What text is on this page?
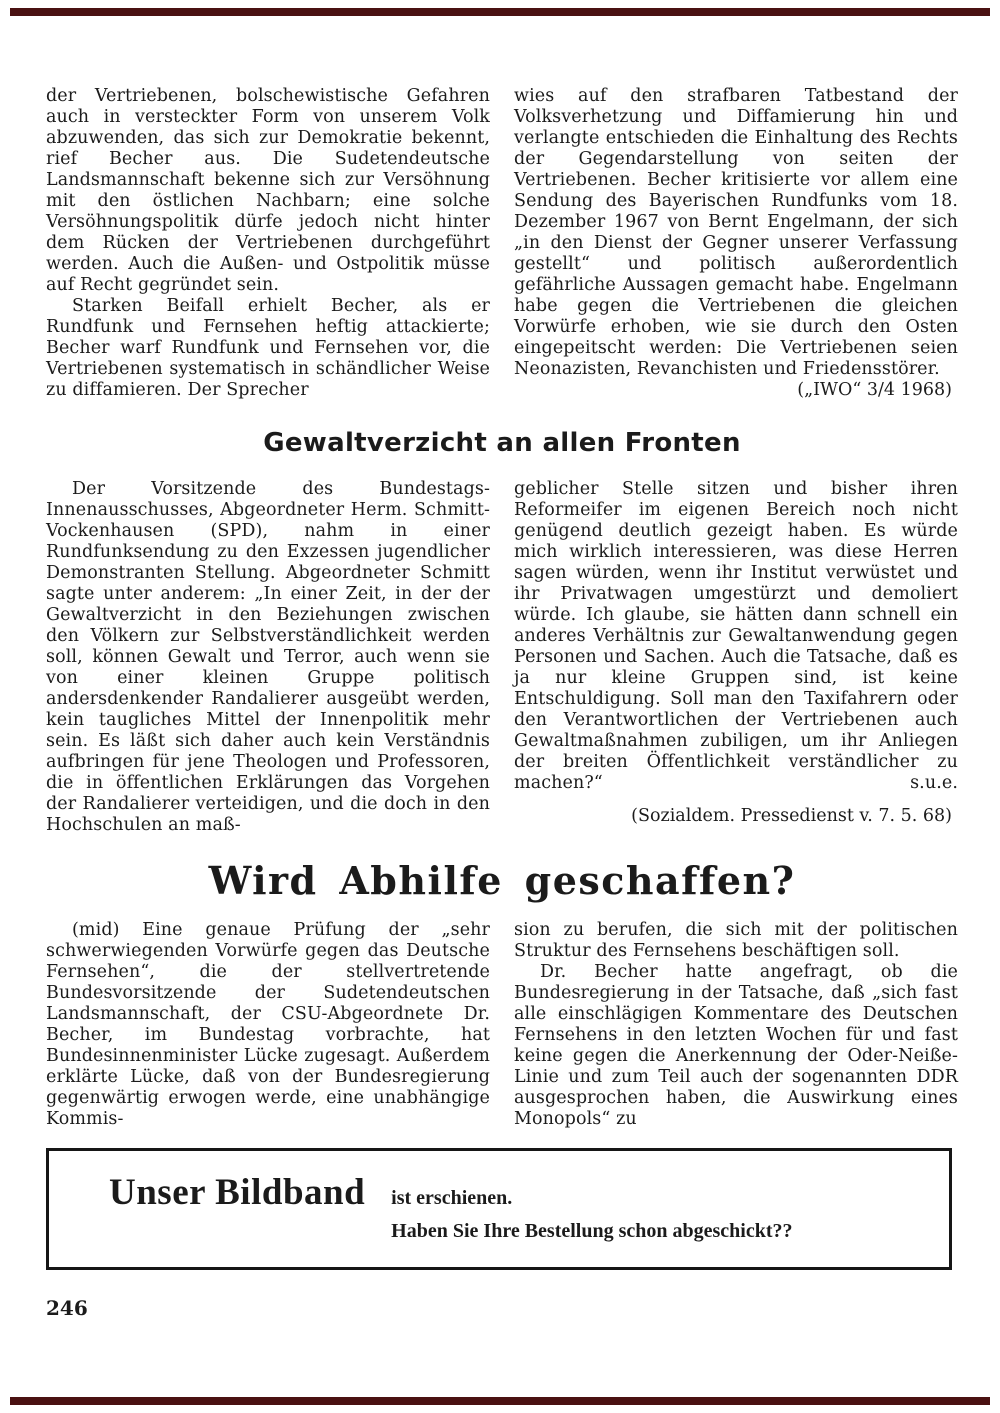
der Vertriebenen, bolschewistische Gefahren auch in versteckter Form von unserem Volk abzuwenden, das sich zur Demokratie bekennt, rief Becher aus. Die Sudetendeutsche Landsmannschaft bekenne sich zur Versöhnung mit den östlichen Nachbarn; eine solche Versöhnungspolitik dürfe jedoch nicht hinter dem Rücken der Vertriebenen durchgeführt werden. Auch die Außen- und Ostpolitik müsse auf Recht gegründet sein.

Starken Beifall erhielt Becher, als er Rundfunk und Fernsehen heftig attackierte; Becher warf Rundfunk und Fernsehen vor, die Vertriebenen systematisch in schändlicher Weise zu diffamieren. Der Sprecher

wies auf den strafbaren Tatbestand der Volksverhetzung und Diffamierung hin und verlangte entschieden die Einhaltung des Rechts der Gegendarstellung von seiten der Vertriebenen. Becher kritisierte vor allem eine Sendung des Bayerischen Rundfunks vom 18. Dezember 1967 von Bernt Engelmann, der sich „in den Dienst der Gegner unserer Verfassung gestellt“ und politisch außerordentlich gefährliche Aussagen gemacht habe. Engelmann habe gegen die Vertriebenen die gleichen Vorwürfe erhoben, wie sie durch den Osten eingepeitscht werden: Die Vertriebenen seien Neonazisten, Revanchisten und Friedensstörer.

(„IWO“ 3/4 1968)

Gewaltverzicht an allen Fronten

Der Vorsitzende des Bundestags-Innenausschusses, Abgeordneter Herm. Schmitt-Vockenhausen (SPD), nahm in einer Rundfunksendung zu den Exzessen jugendlicher Demonstranten Stellung. Abgeordneter Schmitt sagte unter anderem: „In einer Zeit, in der der Gewaltverzicht in den Beziehungen zwischen den Völkern zur Selbstverständlichkeit werden soll, können Gewalt und Terror, auch wenn sie von einer kleinen Gruppe politisch andersdenkender Randalierer ausgeübt werden, kein taugliches Mittel der Innenpolitik mehr sein. Es läßt sich daher auch kein Verständnis aufbringen für jene Theologen und Professoren, die in öffentlichen Erklärungen das Vorgehen der Randalierer verteidigen, und die doch in den Hochschulen an maß-

geblicher Stelle sitzen und bisher ihren Reformeifer im eigenen Bereich noch nicht genügend deutlich gezeigt haben. Es würde mich wirklich interessieren, was diese Herren sagen würden, wenn ihr Institut verwüstet und ihr Privatwagen umgestürzt und demoliert würde. Ich glaube, sie hätten dann schnell ein anderes Verhältnis zur Gewaltanwendung gegen Personen und Sachen. Auch die Tatsache, daß es ja nur kleine Gruppen sind, ist keine Entschuldigung. Soll man den Taxifahrern oder den Verantwortlichen der Vertriebenen auch Gewaltmaßnahmen zubiligen, um ihr Anliegen der breiten Öffentlichkeit verständlicher zu machen?“	s.u.e.

(Sozialdem. Pressedienst v. 7. 5. 68)

Wird Abhilfe geschaffen?

(mid) Eine genaue Prüfung der „sehr schwerwiegenden Vorwürfe gegen das Deutsche Fernsehen“, die der stellvertretende Bundesvorsitzende der Sudetendeutschen Landsmannschaft, der CSU-Abgeordnete Dr. Becher, im Bundestag vorbrachte, hat Bundesinnenminister Lücke zugesagt. Außerdem erklärte Lücke, daß von der Bundesregierung gegenwärtig erwogen werde, eine unabhängige Kommis-

sion zu berufen, die sich mit der politischen Struktur des Fernsehens beschäftigen soll.

Dr. Becher hatte angefragt, ob die Bundesregierung in der Tatsache, daß „sich fast alle einschlägigen Kommentare des Deutschen Fernsehens in den letzten Wochen für und fast keine gegen die Anerkennung der Oder-Neiße-Linie und zum Teil auch der sogenannten DDR ausgesprochen haben, die Auswirkung eines Monopols“ zu

Unser Bildband ist erschienen.
Haben Sie Ihre Bestellung schon abgeschickt??
246
